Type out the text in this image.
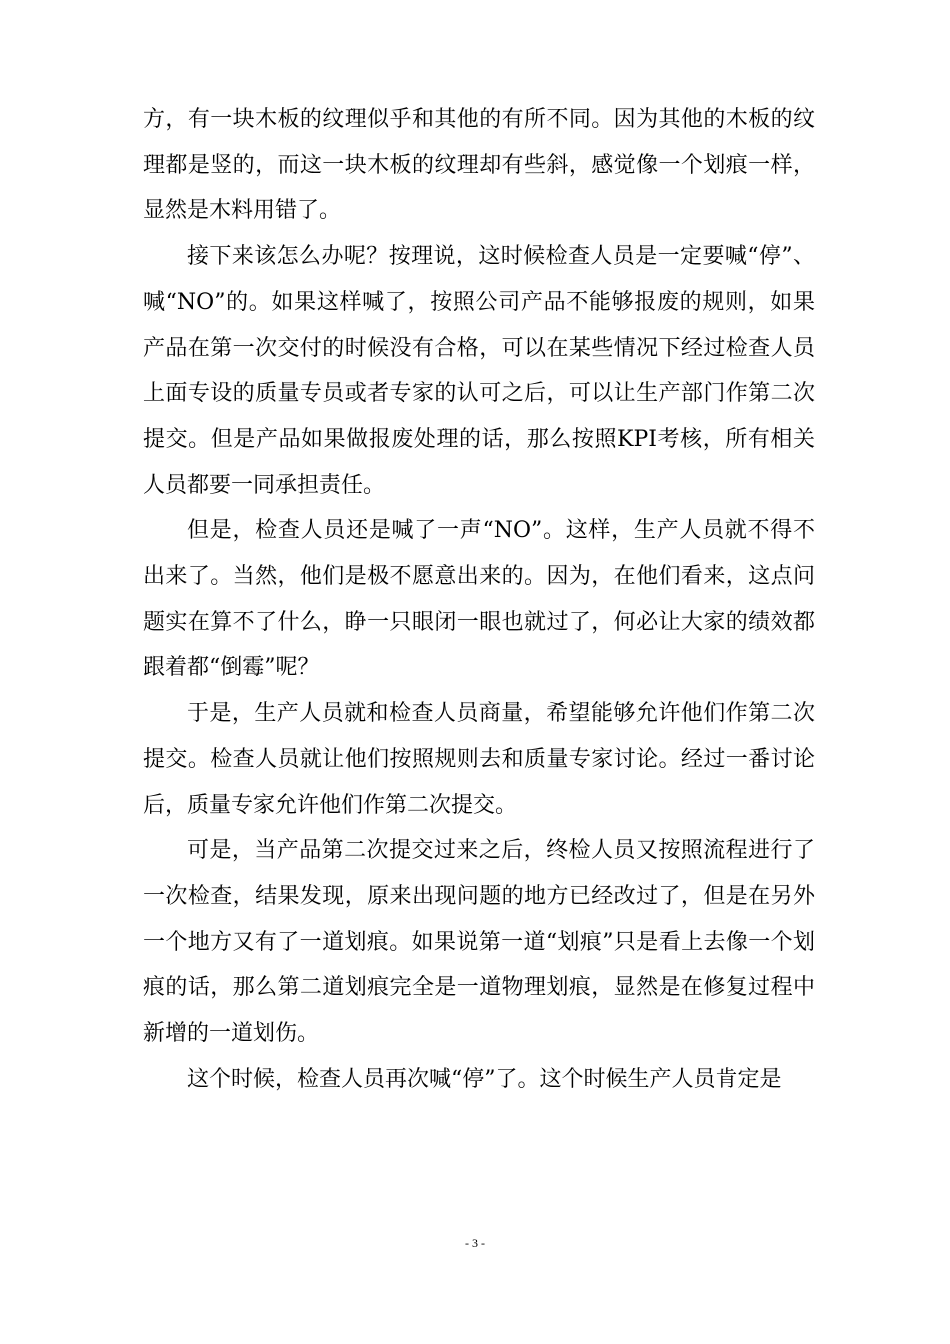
方，有一块木板的纹理似乎和其他的有所不同。因为其他的木板的纹理都是竖的，而这一块木板的纹理却有些斜，感觉像一个划痕一样，显然是木料用错了。

接下来该怎么办呢？按理说，这时候检查人员是一定要喊“停”、喊“NO”的。如果这样喊了，按照公司产品不能够报废的规则，如果产品在第一次交付的时候没有合格，可以在某些情况下经过检查人员上面专设的质量专员或者专家的认可之后，可以让生产部门作第二次提交。但是产品如果做报废处理的话，那么按照KPI考核，所有相关人员都要一同承担责任。

但是，检查人员还是喊了一声“NO”。这样，生产人员就不得不出来了。当然，他们是极不愿意出来的。因为，在他们看来，这点问题实在算不了什么，睁一只眼闭一眼也就过了，何必让大家的绩效都跟着都“倒霉”呢？

于是，生产人员就和检查人员商量，希望能够允许他们作第二次提交。检查人员就让他们按照规则去和质量专家讨论。经过一番讨论后，质量专家允许他们作第二次提交。

可是，当产品第二次提交过来之后，终检人员又按照流程进行了一次检查，结果发现，原来出现问题的地方已经改过了，但是在另外一个地方又有了一道划痕。如果说第一道“划痕”只是看上去像一个划痕的话，那么第二道划痕完全是一道物理划痕，显然是在修复过程中新增的一道划伤。

这个时候，检查人员再次喊“停”了。这个时候生产人员肯定是

- 3 -
